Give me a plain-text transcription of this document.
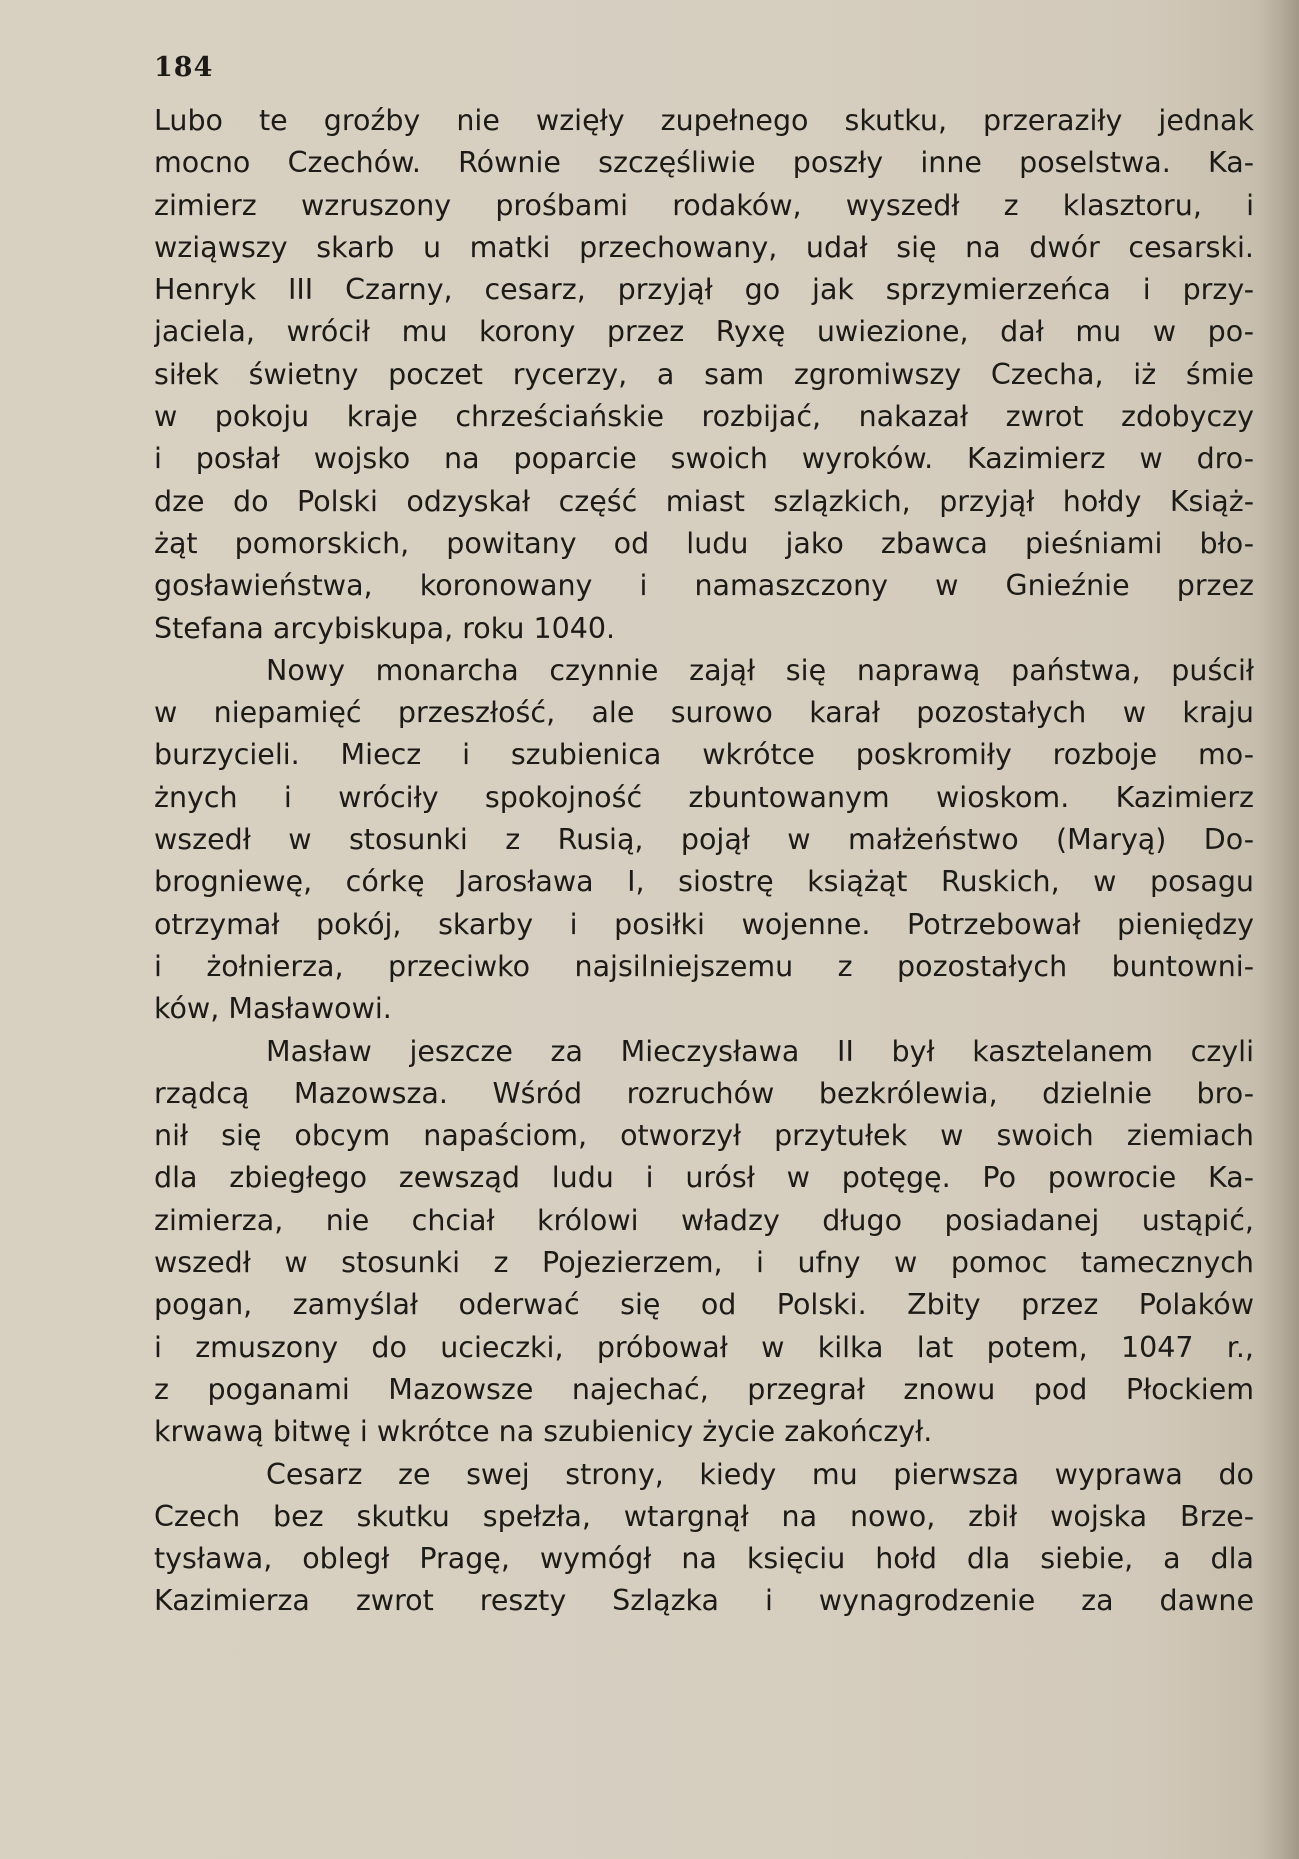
184
Lubo te groźby nie wzięły zupełnego skutku, przeraziły jednak
mocno Czechów. Równie szczęśliwie poszły inne poselstwa. Ka-
zimierz wzruszony prośbami rodaków, wyszedł z klasztoru, i
wziąwszy skarb u matki przechowany, udał się na dwór cesarski.
Henryk III Czarny, cesarz, przyjął go jak sprzymierzeńca i przy-
jaciela, wrócił mu korony przez Ryxę uwiezione, dał mu w po-
siłek świetny poczet rycerzy, a sam zgromiwszy Czecha, iż śmie
w pokoju kraje chrześciańskie rozbijać, nakazał zwrot zdobyczy
i posłał wojsko na poparcie swoich wyroków. Kazimierz w dro-
dze do Polski odzyskał część miast szlązkich, przyjął hołdy Książ-
żąt pomorskich, powitany od ludu jako zbawca pieśniami bło-
gosławieństwa, koronowany i namaszczony w Gnieźnie przez
Stefana arcybiskupa, roku 1040.
Nowy monarcha czynnie zajął się naprawą państwa, puścił
w niepamięć przeszłość, ale surowo karał pozostałych w kraju
burzycieli. Miecz i szubienica wkrótce poskromiły rozboje mo-
żnych i wróciły spokojność zbuntowanym wioskom. Kazimierz
wszedł w stosunki z Rusią, pojął w małżeństwo (Maryą) Do-
brogniewę, córkę Jarosława I, siostrę książąt Ruskich, w posagu
otrzymał pokój, skarby i posiłki wojenne. Potrzebował pieniędzy
i żołnierza, przeciwko najsilniejszemu z pozostałych buntowni-
ków, Masławowi.
Masław jeszcze za Mieczysława II był kasztelanem czyli
rządcą Mazowsza. Wśród rozruchów bezkrólewia, dzielnie bro-
nił się obcym napaściom, otworzył przytułek w swoich ziemiach
dla zbiegłego zewsząd ludu i urósł w potęgę. Po powrocie Ka-
zimierza, nie chciał królowi władzy długo posiadanej ustąpić,
wszedł w stosunki z Pojezierzem, i ufny w pomoc tamecznych
pogan, zamyślał oderwać się od Polski. Zbity przez Polaków
i zmuszony do ucieczki, próbował w kilka lat potem, 1047 r.,
z poganami Mazowsze najechać, przegrał znowu pod Płockiem
krwawą bitwę i wkrótce na szubienicy życie zakończył.
Cesarz ze swej strony, kiedy mu pierwsza wyprawa do
Czech bez skutku spełzła, wtargnął na nowo, zbił wojska Brze-
tysława, obległ Pragę, wymógł na księciu hołd dla siebie, a dla
Kazimierza zwrot reszty Szlązka i wynagrodzenie za dawne
